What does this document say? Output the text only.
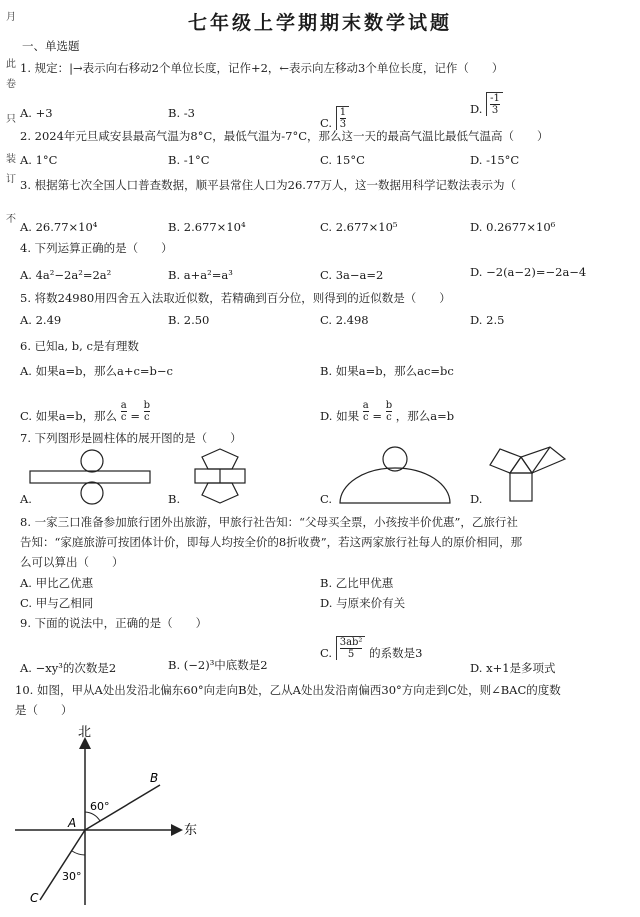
月
此
卷
只
装
订
不
七年级上学期期末数学试题
一、单选题
1. 规定：|→表示向右移动2个单位长度，记作+2，←表示向左移动3个单位长度，记作（　　）
A. +3	B. -3
C. $\frac{1}{3}$	D. -1
3
2. 2024年元旦咸安县最高气温为8°C，最低气温为-7°C，那么这一天的最高气温比最低气温高（　　）
A. 1°C	B. -1°C	C. 15°C	D. -15°C
3. 根据第七次全国人口普查数据，顺平县常住人口为26.77万人，这一数据用科学记数法表示为（
A. 26.77×10⁴	B. 2.677×10⁴	C. 2.677×10⁵	D. 0.2677×10⁶
4. 下列运算正确的是（　　）
A. 4a²−2a²=2a²	B. a+a²=a³	C. 3a−a=2	D. −2(a−2)=−2a−4
5. 将数24980用四舍五入法取近似数，若精确到百分位，则得到的近似数是（　　）
A. 2.49	B. 2.50	C. 2.498	D. 2.5
6. 已知a, b, c是有理数
A. 如果a=b，那么a+c=b−c	B. 如果a=b，那么ac=bc
C. 如果a=b，那么 $\frac{a}{c} = \frac{b}{c}$	D. 如果 $\frac{a}{c} = \frac{b}{c}$ ，那么a=b
7. 下列图形是圆柱体的展开图的是（　　）
A.	B.	C.	D.
8. 一家三口准备参加旅行团外出旅游，甲旅行社告知：“父母买全票，小孩按半价优惠”，乙旅行社
告知：“家庭旅游可按团体计价，即每人均按全价的8折收费”，若这两家旅行社每人的原价相同，那
么可以算出（　　）
A. 甲比乙优惠	B. 乙比甲优惠
C. 甲与乙相同	D. 与原来价有关
9. 下面的说法中，正确的是（　　）
A. −xy³的次数是2	B. (−2)³中底数是2
C. $\frac{\text{3ab²}}{5}$ 的系数是3
D. x+1是多项式
10. 如图，甲从A处出发沿北偏东60°向走向B处，乙从A处出发沿南偏西30°方向走到C处，则∠BAC的度数
是（　　）
北
东
A
B
C
60°
30°
